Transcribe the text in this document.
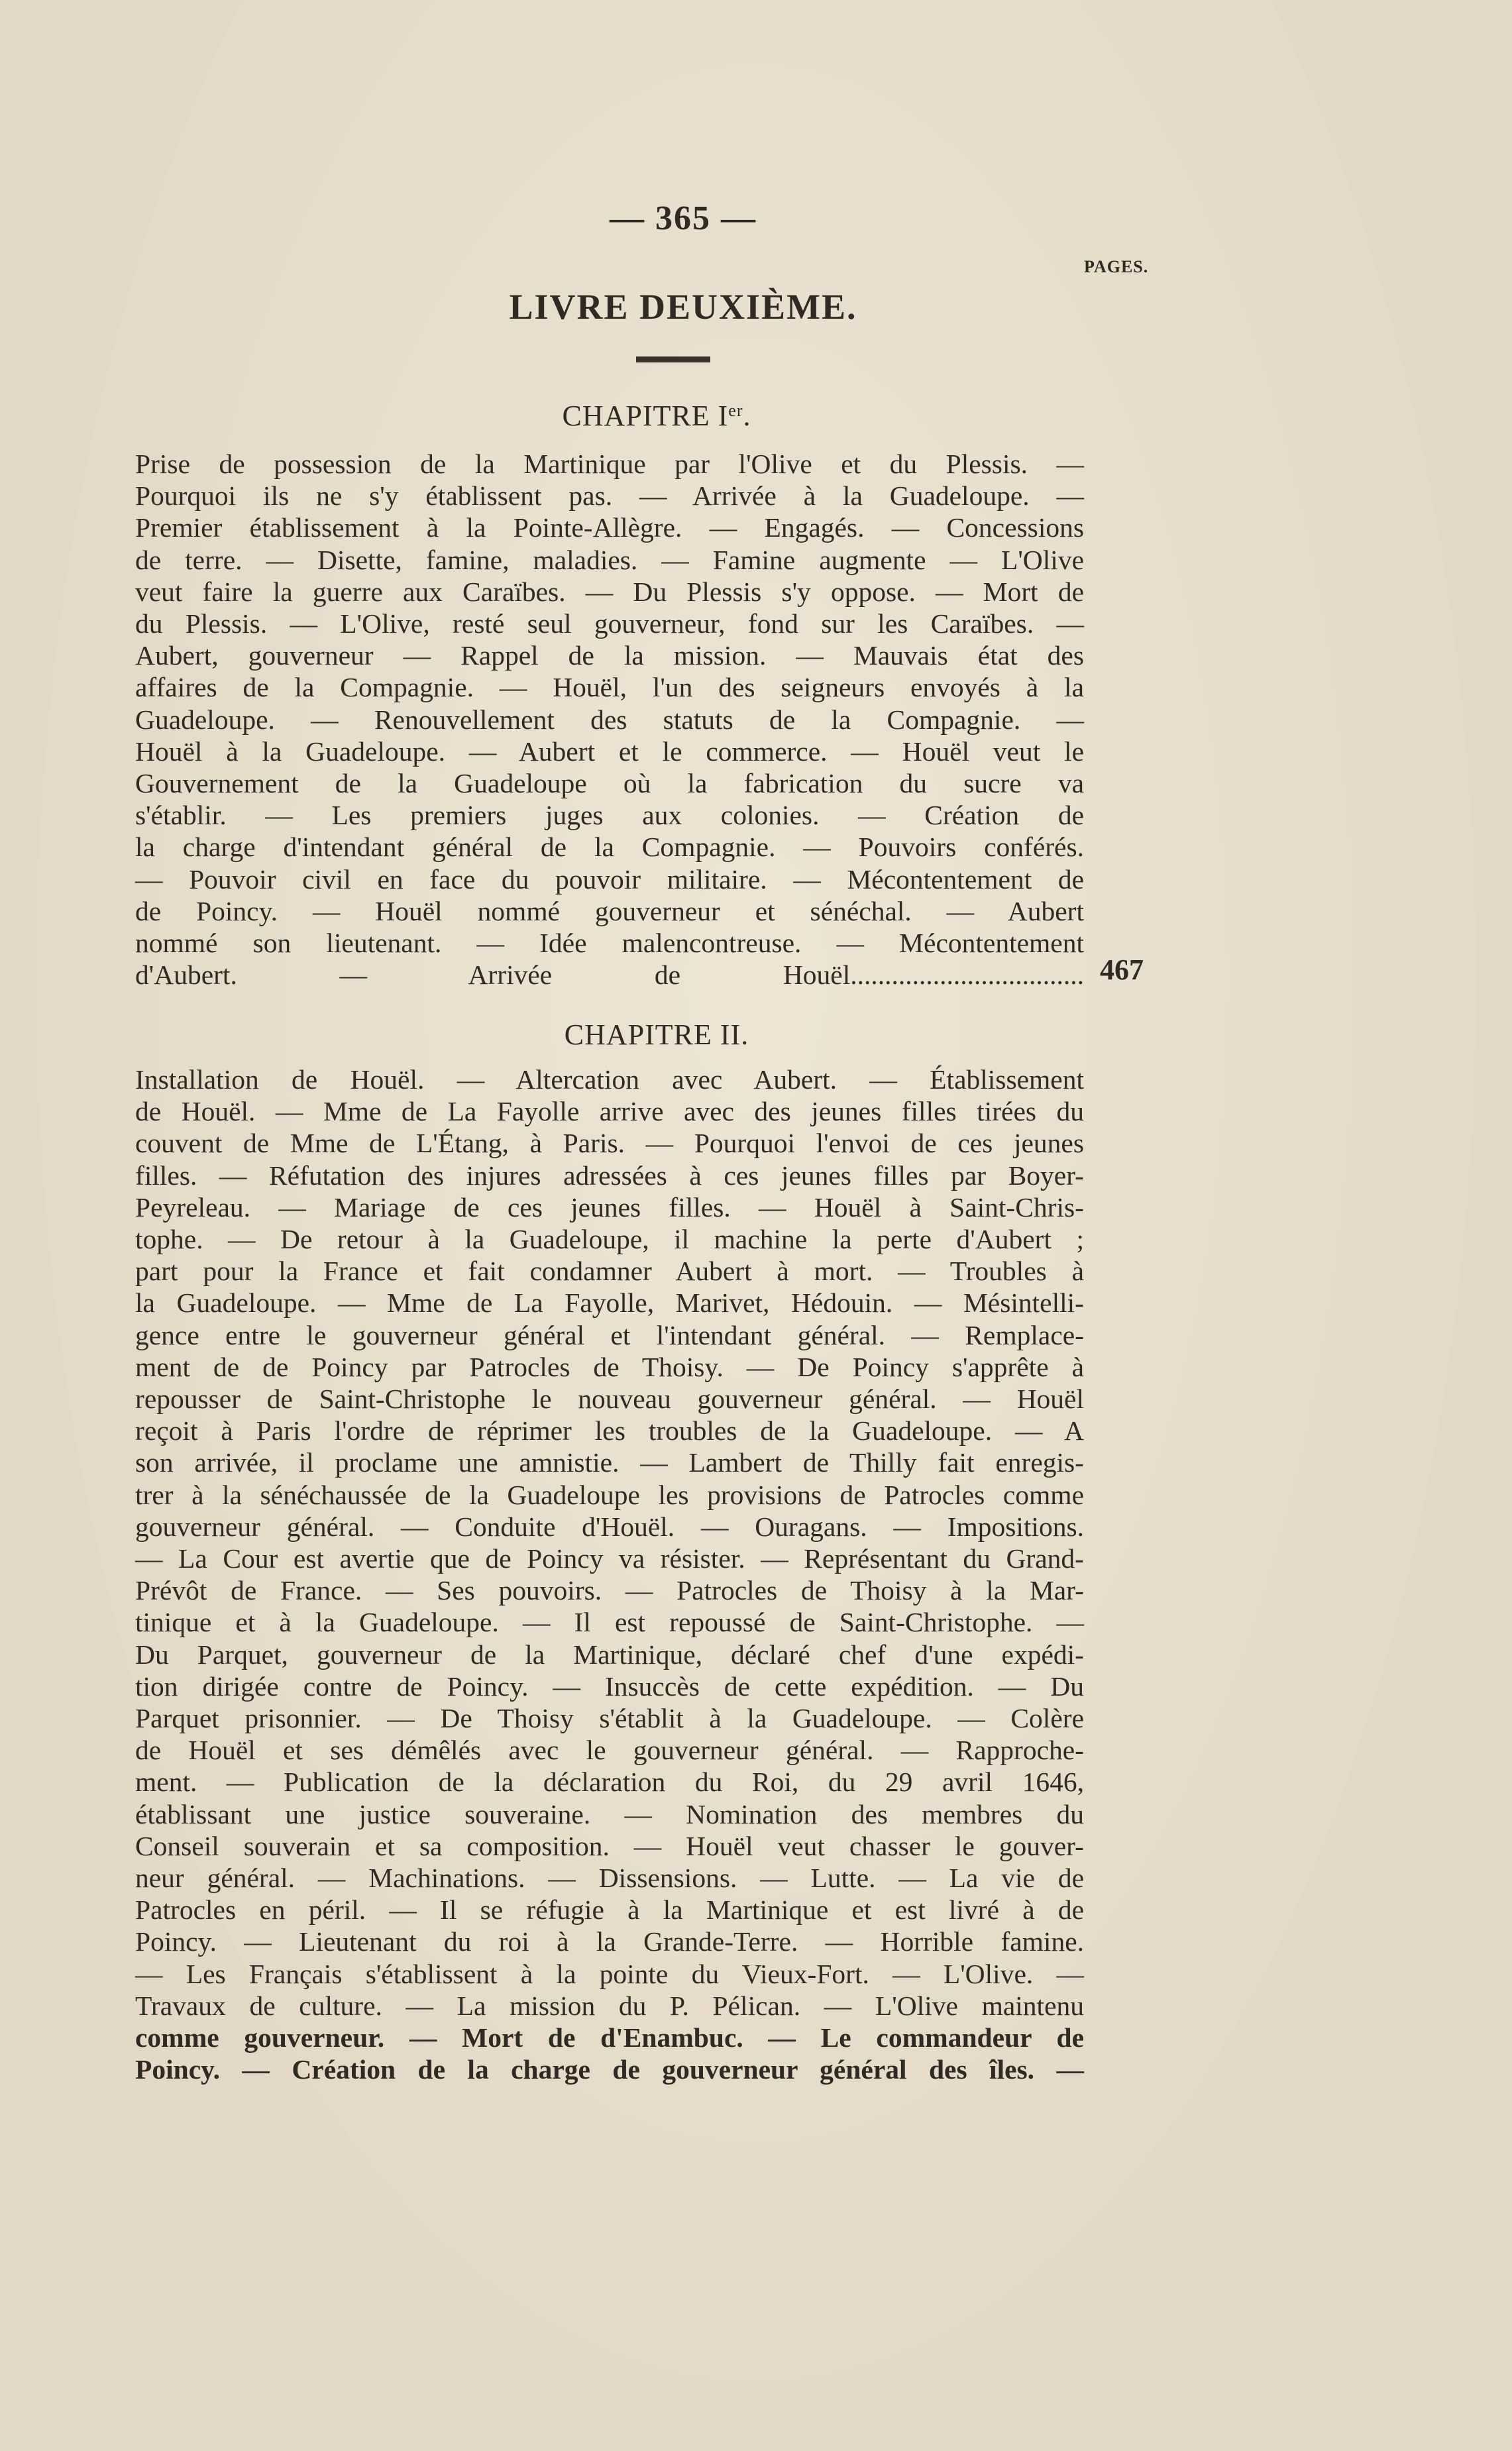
— 365 —
PAGES.
LIVRE DEUXIÈME.
CHAPITRE Ier.
Prise de possession de la Martinique par l'Olive et du Plessis. —
Pourquoi ils ne s'y établissent pas. — Arrivée à la Guadeloupe. —
Premier établissement à la Pointe-Allègre. — Engagés. — Concessions
de terre. — Disette, famine, maladies. — Famine augmente — L'Olive
veut faire la guerre aux Caraïbes. — Du Plessis s'y oppose. — Mort de
du Plessis. — L'Olive, resté seul gouverneur, fond sur les Caraïbes. —
Aubert, gouverneur — Rappel de la mission. — Mauvais état des
affaires de la Compagnie. — Houël, l'un des seigneurs envoyés à la
Guadeloupe. — Renouvellement des statuts de la Compagnie. —
Houël à la Guadeloupe. — Aubert et le commerce. — Houël veut le
Gouvernement de la Guadeloupe où la fabrication du sucre va
s'établir. — Les premiers juges aux colonies. — Création de
la charge d'intendant général de la Compagnie. — Pouvoirs conférés.
— Pouvoir civil en face du pouvoir militaire. — Mécontentement de
de Poincy. — Houël nommé gouverneur et sénéchal. — Aubert
nommé son lieutenant. — Idée malencontreuse. — Mécontentement
d'Aubert. — Arrivée de Houël.................................. 467
CHAPITRE II.
Installation de Houël. — Altercation avec Aubert. — Établissement
de Houël. — Mme de La Fayolle arrive avec des jeunes filles tirées du
couvent de Mme de L'Étang, à Paris. — Pourquoi l'envoi de ces jeunes
filles. — Réfutation des injures adressées à ces jeunes filles par Boyer-
Peyreleau. — Mariage de ces jeunes filles. — Houël à Saint-Chris-
tophe. — De retour à la Guadeloupe, il machine la perte d'Aubert ;
part pour la France et fait condamner Aubert à mort. — Troubles à
la Guadeloupe. — Mme de La Fayolle, Marivet, Hédouin. — Mésintelli-
gence entre le gouverneur général et l'intendant général. — Remplace-
ment de de Poincy par Patrocles de Thoisy. — De Poincy s'apprête à
repousser de Saint-Christophe le nouveau gouverneur général. — Houël
reçoit à Paris l'ordre de réprimer les troubles de la Guadeloupe. — A
son arrivée, il proclame une amnistie. — Lambert de Thilly fait enregis-
trer à la sénéchaussée de la Guadeloupe les provisions de Patrocles comme
gouverneur général. — Conduite d'Houël. — Ouragans. — Impositions.
— La Cour est avertie que de Poincy va résister. — Représentant du Grand-
Prévôt de France. — Ses pouvoirs. — Patrocles de Thoisy à la Mar-
tinique et à la Guadeloupe. — Il est repoussé de Saint-Christophe. —
Du Parquet, gouverneur de la Martinique, déclaré chef d'une expédi-
tion dirigée contre de Poincy. — Insuccès de cette expédition. — Du
Parquet prisonnier. — De Thoisy s'établit à la Guadeloupe. — Colère
de Houël et ses démêlés avec le gouverneur général. — Rapproche-
ment. — Publication de la déclaration du Roi, du 29 avril 1646,
établissant une justice souveraine. — Nomination des membres du
Conseil souverain et sa composition. — Houël veut chasser le gouver-
neur général. — Machinations. — Dissensions. — Lutte. — La vie de
Patrocles en péril. — Il se réfugie à la Martinique et est livré à de
Poincy. — Lieutenant du roi à la Grande-Terre. — Horrible famine.
— Les Français s'établissent à la pointe du Vieux-Fort. — L'Olive. —
Travaux de culture. — La mission du P. Pélican. — L'Olive maintenu
comme gouverneur. — Mort de d'Enambuc. — Le commandeur de
Poincy. — Création de la charge de gouverneur général des îles. —
